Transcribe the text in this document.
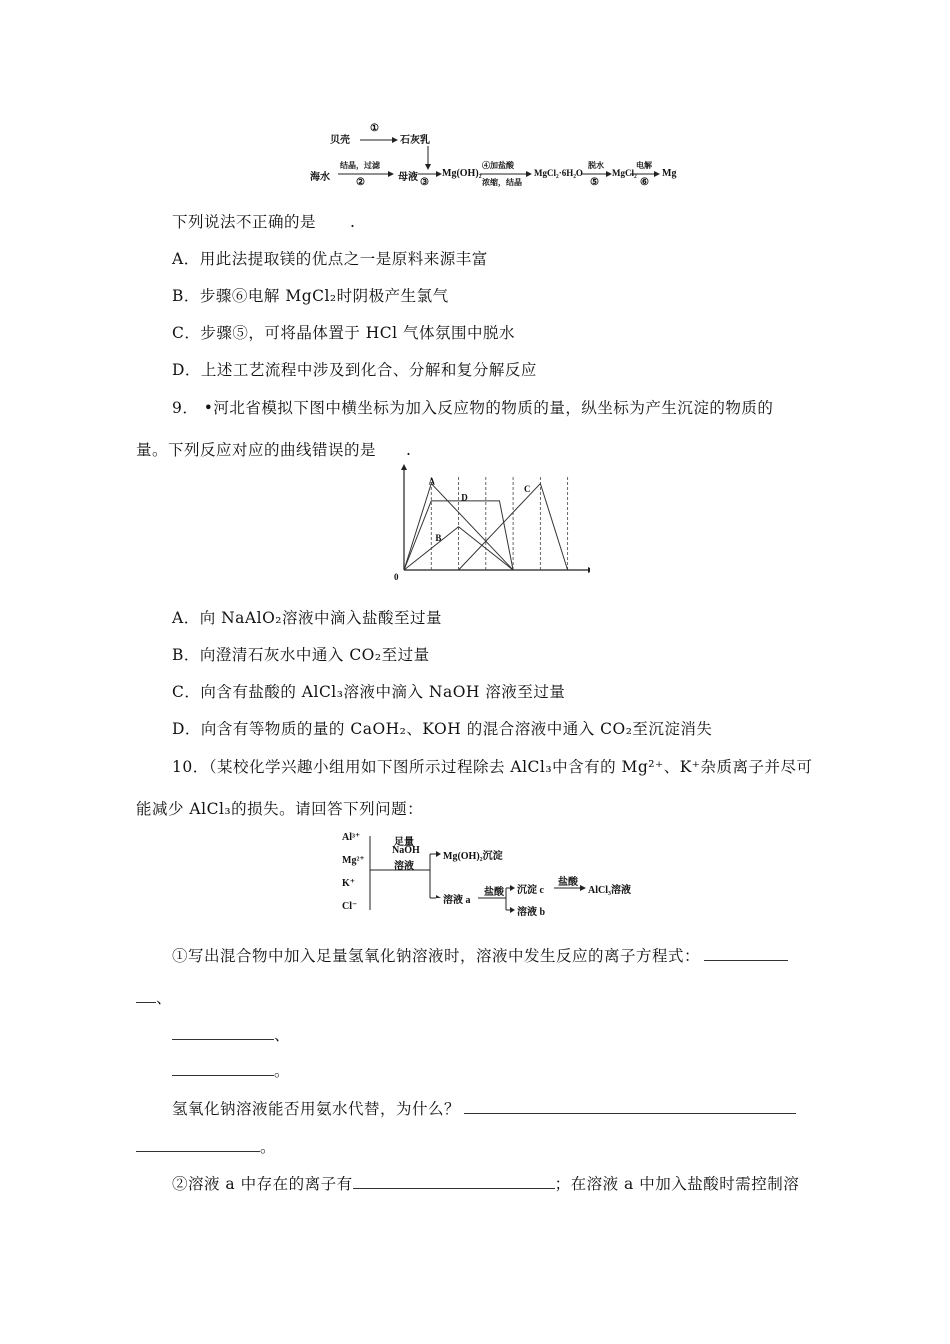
贝壳
①
石灰乳
海水
结晶，过滤
②	母液 ③
Mg(OH)₂
④加盐酸
浓缩，结晶
MgCl₂·6H₂O
脱水
⑤
MgCl₂
电解
⑥
Mg
下列说法不正确的是 .
A．用此法提取镁的优点之一是原料来源丰富
B．步骤⑥电解 MgCl₂时阴极产生氯气
C．步骤⑤，可将晶体置于 HCl 气体氛围中脱水
D．上述工艺流程中涉及到化合、分解和复分解反应
9． •河北省模拟下图中横坐标为加入反应物的物质的量，纵坐标为产生沉淀的物质的
量。下列反应对应的曲线错误的是 .
A
B
C
D
0
A．向 NaAlO₂溶液中滴入盐酸至过量
B．向澄清石灰水中通入 CO₂至过量
C．向含有盐酸的 AlCl₃溶液中滴入 NaOH 溶液至过量
D．向含有等物质的量的 CaOH₂、KOH 的混合溶液中通入 CO₂至沉淀消失
10．（某校化学兴趣小组用如下图所示过程除去 AlCl₃中含有的 Mg²⁺、K⁺杂质离子并尽可
能减少 AlCl₃的损失。请回答下列问题：
Al³⁺
Mg²⁺
K⁺
Cl⁻
足量
NaOH
溶液
Mg(OH)₂沉淀
溶液 a
盐酸 沉淀 c
盐酸
AlCl₃溶液
溶液 b
①写出混合物中加入足量氢氧化钠溶液时，溶液中发生反应的离子方程式：
、
、
。
氢氧化钠溶液能否用氨水代替，为什么？
。
②溶液 a 中存在的离子有	；在溶液 a 中加入盐酸时需控制溶
